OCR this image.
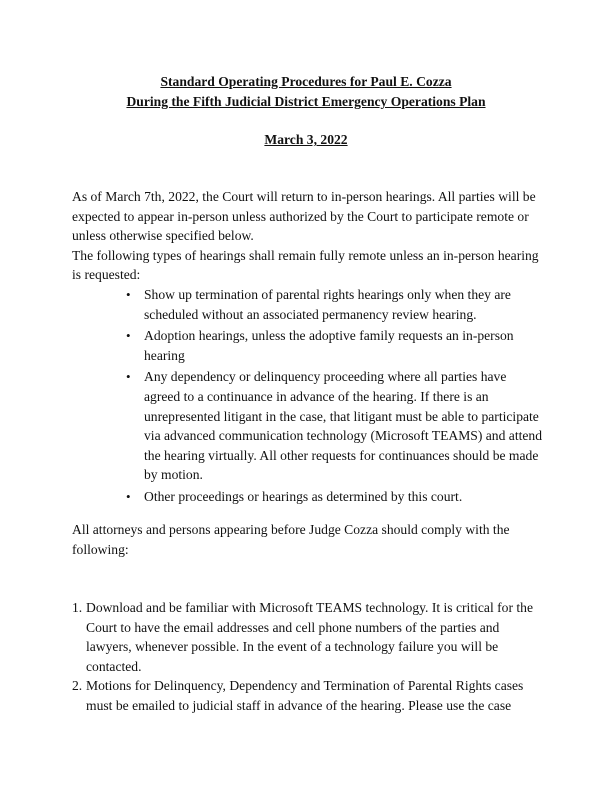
Standard Operating Procedures for Paul E. Cozza

During the Fifth Judicial District Emergency Operations Plan

March 3, 2022

As of March 7th, 2022, the Court will return to in-person hearings. All parties will be expected to appear in-person unless authorized by the Court to participate remote or unless otherwise specified below.

The following types of hearings shall remain fully remote unless an in-person hearing is requested:

• Show up termination of parental rights hearings only when they are scheduled without an associated permanency review hearing.
• Adoption hearings, unless the adoptive family requests an in-person hearing
• Any dependency or delinquency proceeding where all parties have agreed to a continuance in advance of the hearing. If there is an unrepresented litigant in the case, that litigant must be able to participate via advanced communication technology (Microsoft TEAMS) and attend the hearing virtually. All other requests for continuances should be made by motion.
• Other proceedings or hearings as determined by this court.

All attorneys and persons appearing before Judge Cozza should comply with the following:

1. Download and be familiar with Microsoft TEAMS technology. It is critical for the Court to have the email addresses and cell phone numbers of the parties and lawyers, whenever possible. In the event of a technology failure you will be contacted.
2. Motions for Delinquency, Dependency and Termination of Parental Rights cases must be emailed to judicial staff in advance of the hearing. Please use the case
